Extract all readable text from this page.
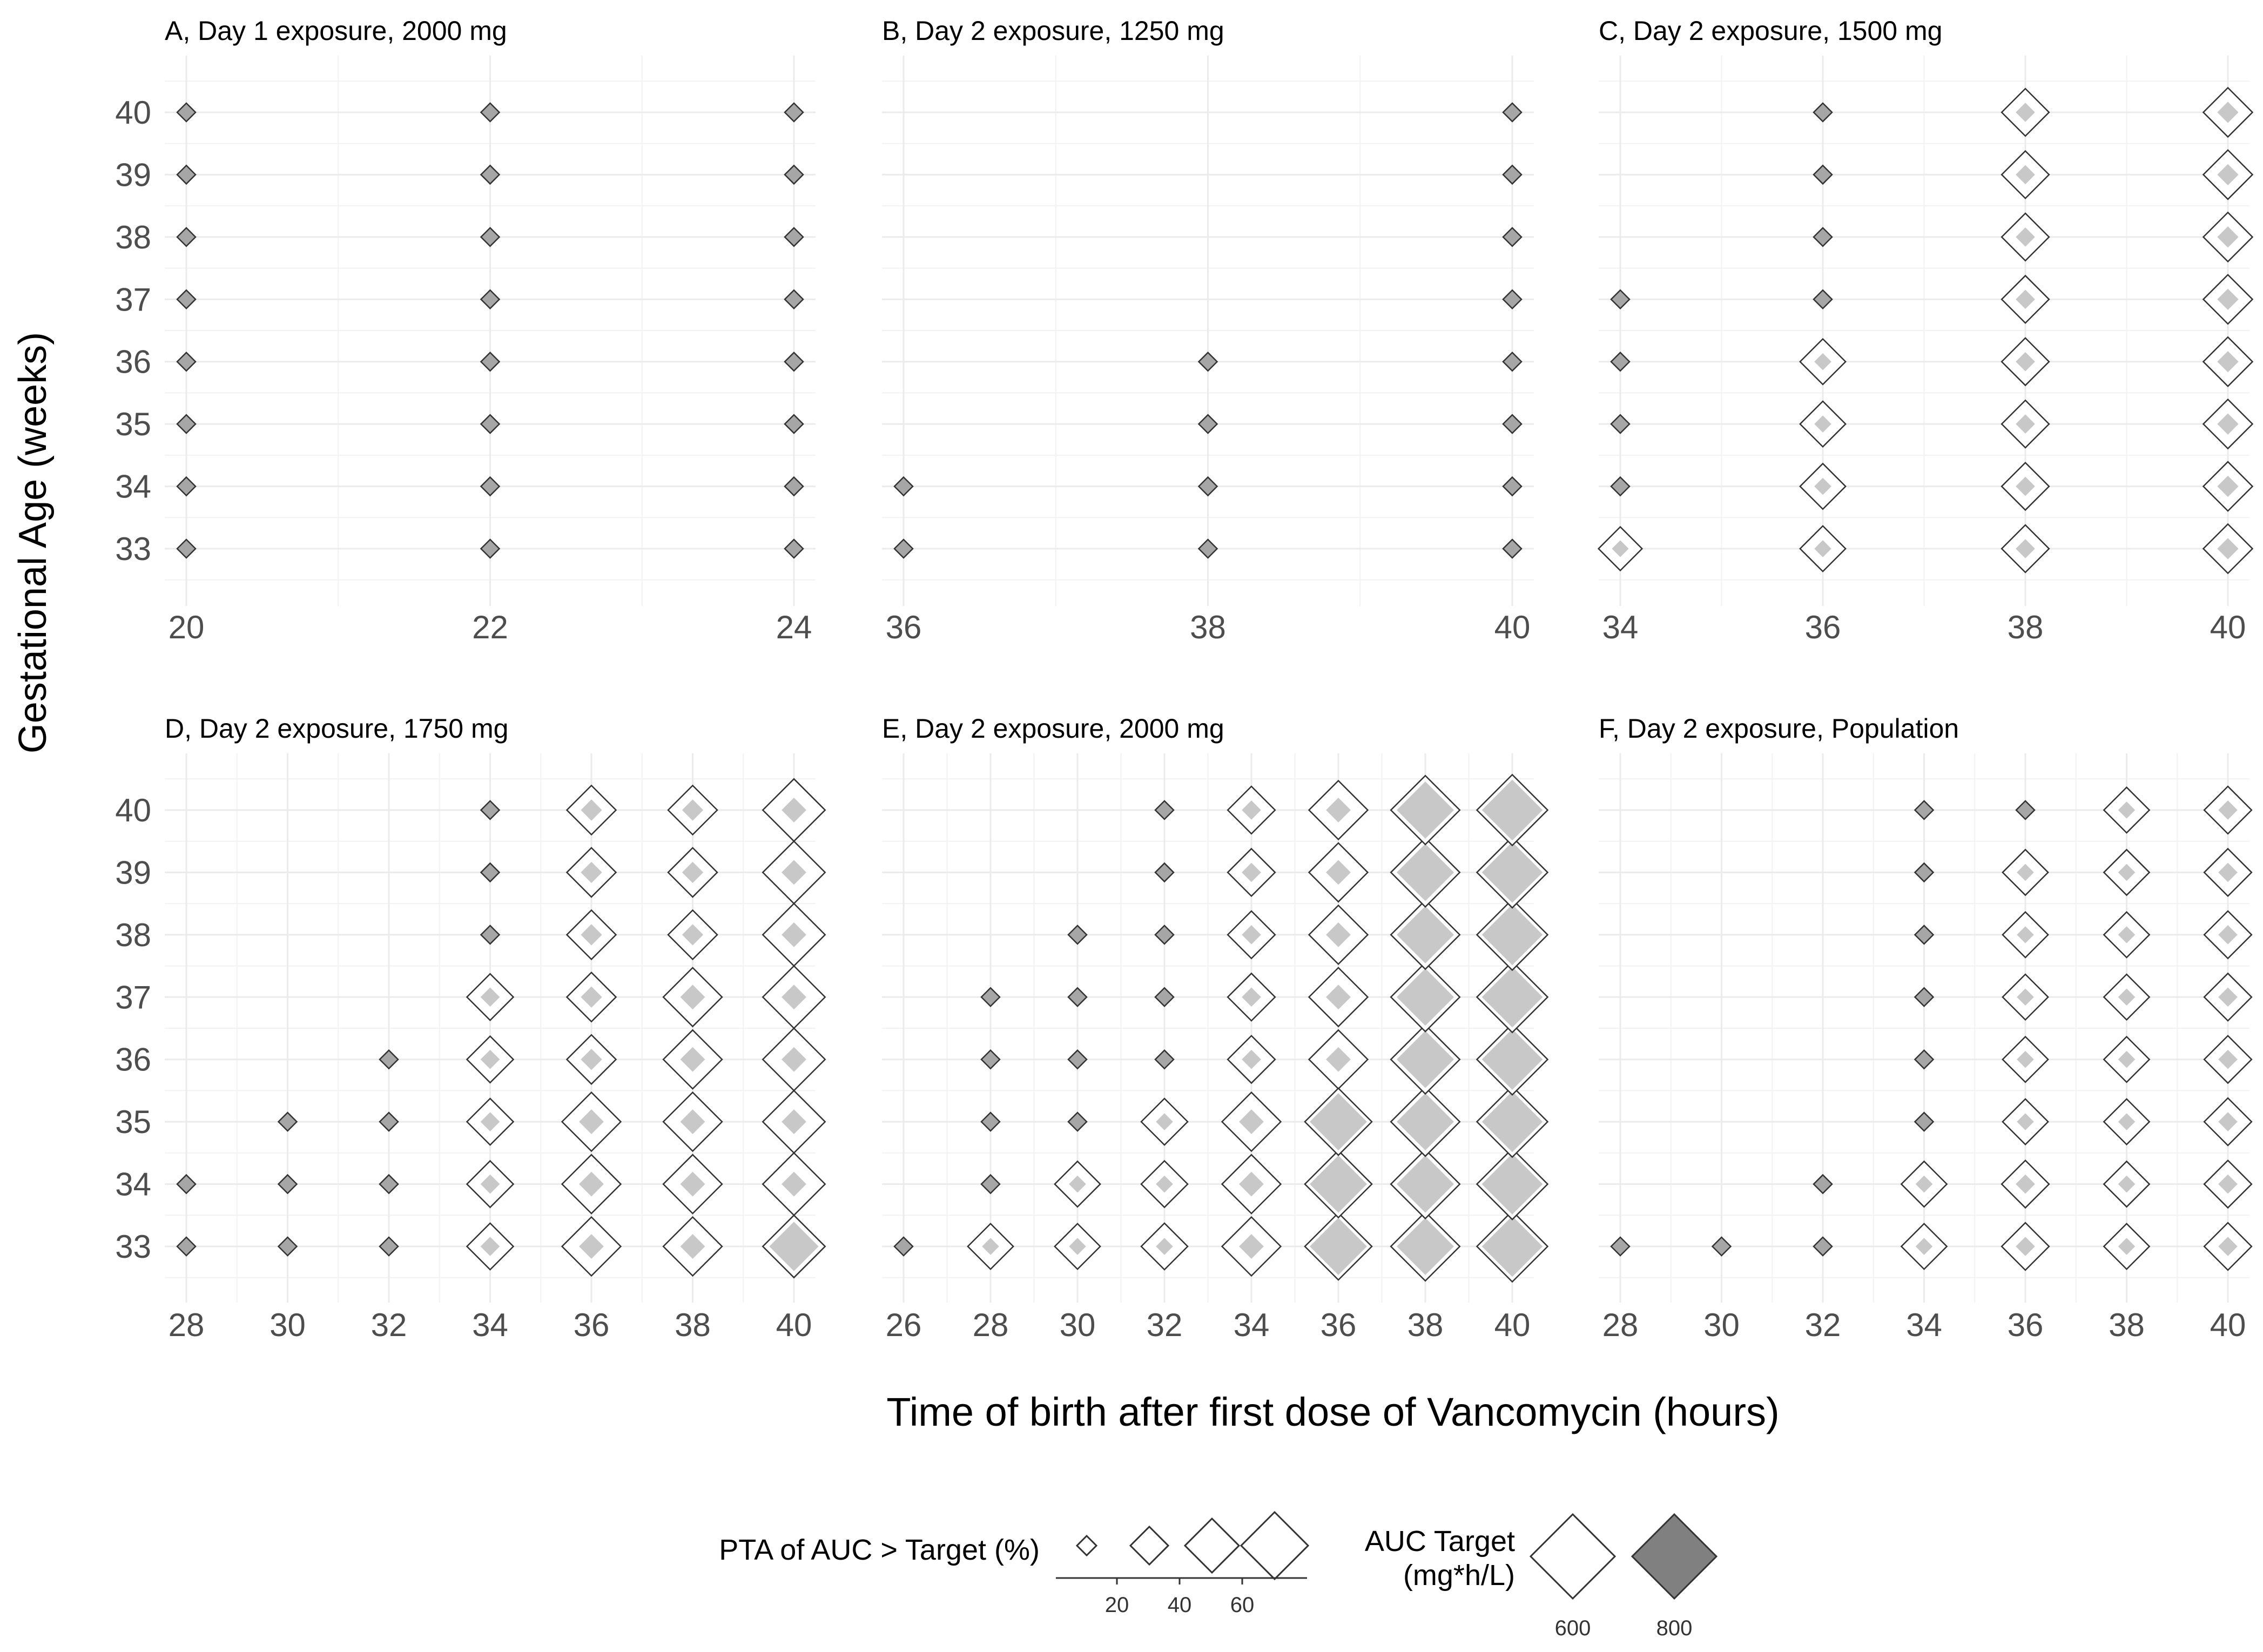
A, Day 1 exposure, 2000 mg
20	22	24
33
34
35
36
37
38
39
40
B, Day 2 exposure, 1250 mg
36	38	40
C, Day 2 exposure, 1500 mg
34	36	38	40
D, Day 2 exposure, 1750 mg
28 30 32 34 36 38 40
33
34
35
36
37
38
39
40
E, Day 2 exposure, 2000 mg
26 28 30 32 34 36 38 40
F, Day 2 exposure, Population
28 30 32 34 36 38 40
Gestational Age (weeks)
Time of birth after first dose of Vancomycin (hours)
PTA of AUC > Target (%)
20 40 60
AUC Target
(mg*h/L)
600	800
